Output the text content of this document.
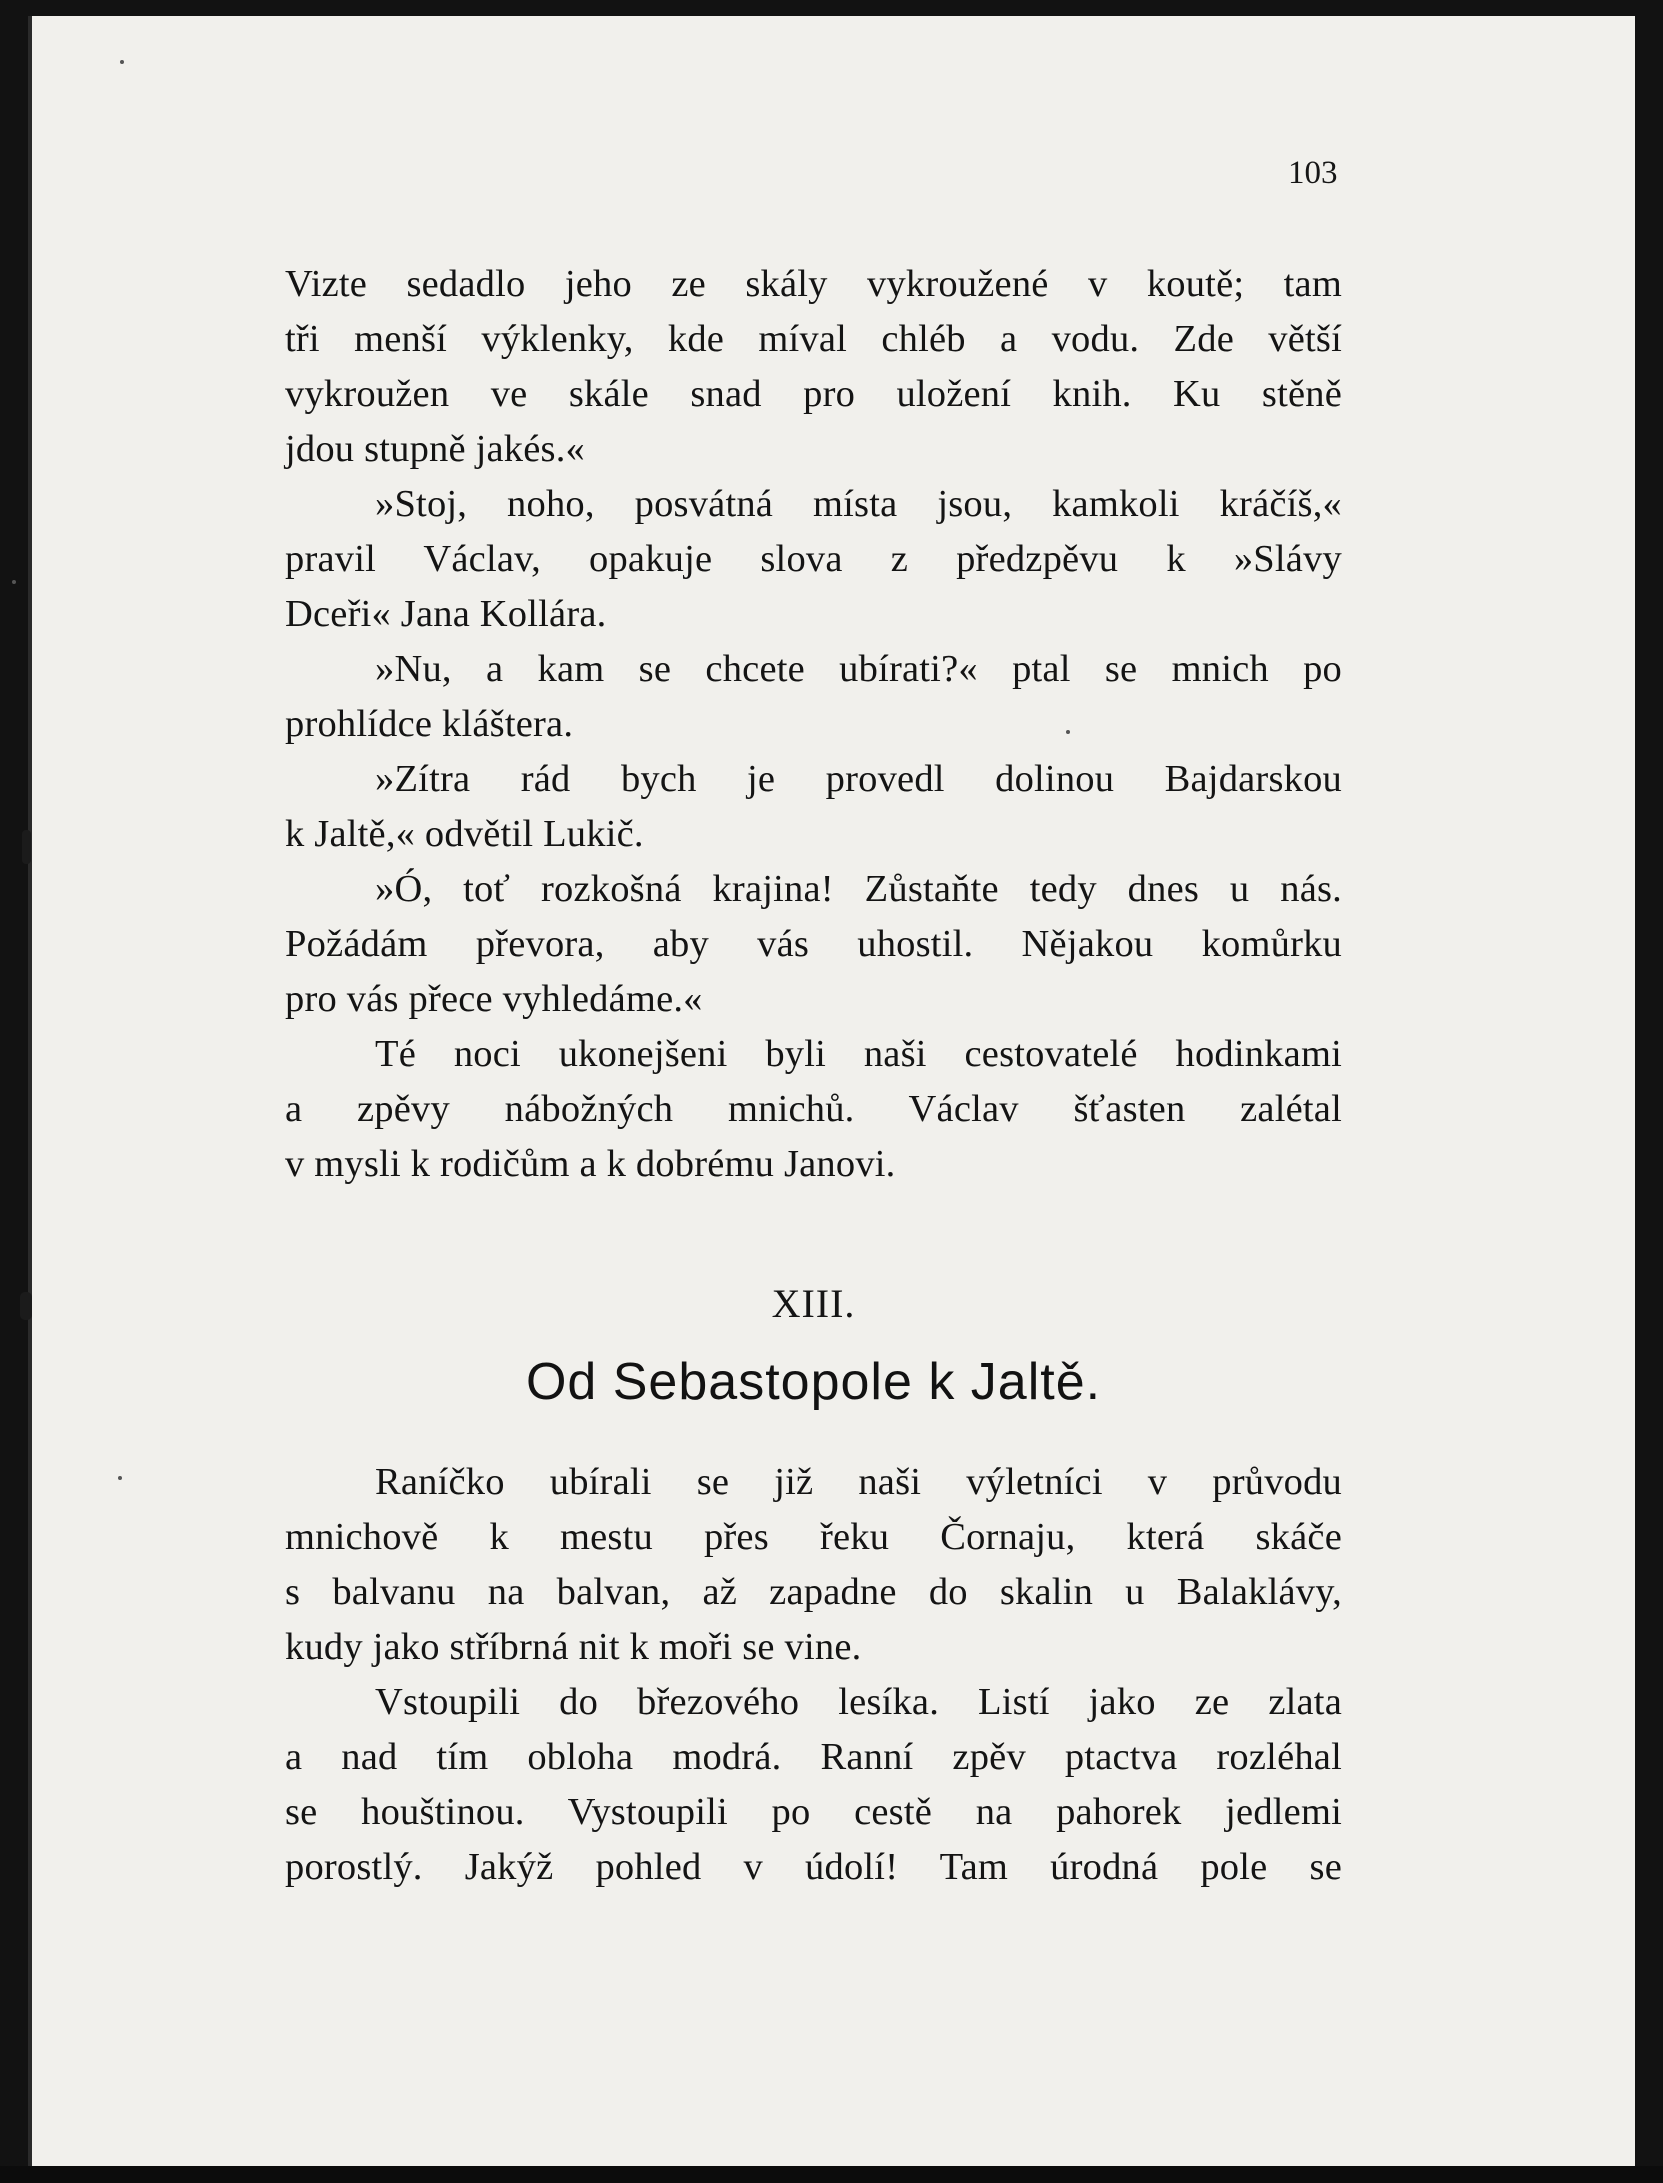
103
Vizte sedadlo jeho ze skály vykroužené v koutě; tam
tři menší výklenky, kde míval chléb a vodu. Zde větší
vykroužen ve skále snad pro uložení knih. Ku stěně
jdou stupně jakés.«
»Stoj, noho, posvátná místa jsou, kamkoli kráčíš,«
pravil Václav, opakuje slova z předzpěvu k »Slávy
Dceři« Jana Kollára.
»Nu, a kam se chcete ubírati?« ptal se mnich po
prohlídce kláštera.
»Zítra rád bych je provedl dolinou Bajdarskou
k Jaltě,« odvětil Lukič.
»Ó, toť rozkošná krajina! Zůstaňte tedy dnes u nás.
Požádám převora, aby vás uhostil. Nějakou komůrku
pro vás přece vyhledáme.«
Té noci ukonejšeni byli naši cestovatelé hodinkami
a zpěvy nábožných mnichů. Václav šťasten zalétal
v mysli k rodičům a k dobrému Janovi.
XIII.
Od Sebastopole k Jaltě.
Raníčko ubírali se již naši výletníci v průvodu
mnichově k mestu přes řeku Čornaju, která skáče
s balvanu na balvan, až zapadne do skalin u Balaklávy,
kudy jako stříbrná nit k moři se vine.
Vstoupili do březového lesíka. Listí jako ze zlata
a nad tím obloha modrá. Ranní zpěv ptactva rozléhal
se houštinou. Vystoupili po cestě na pahorek jedlemi
porostlý. Jakýž pohled v údolí! Tam úrodná pole se
